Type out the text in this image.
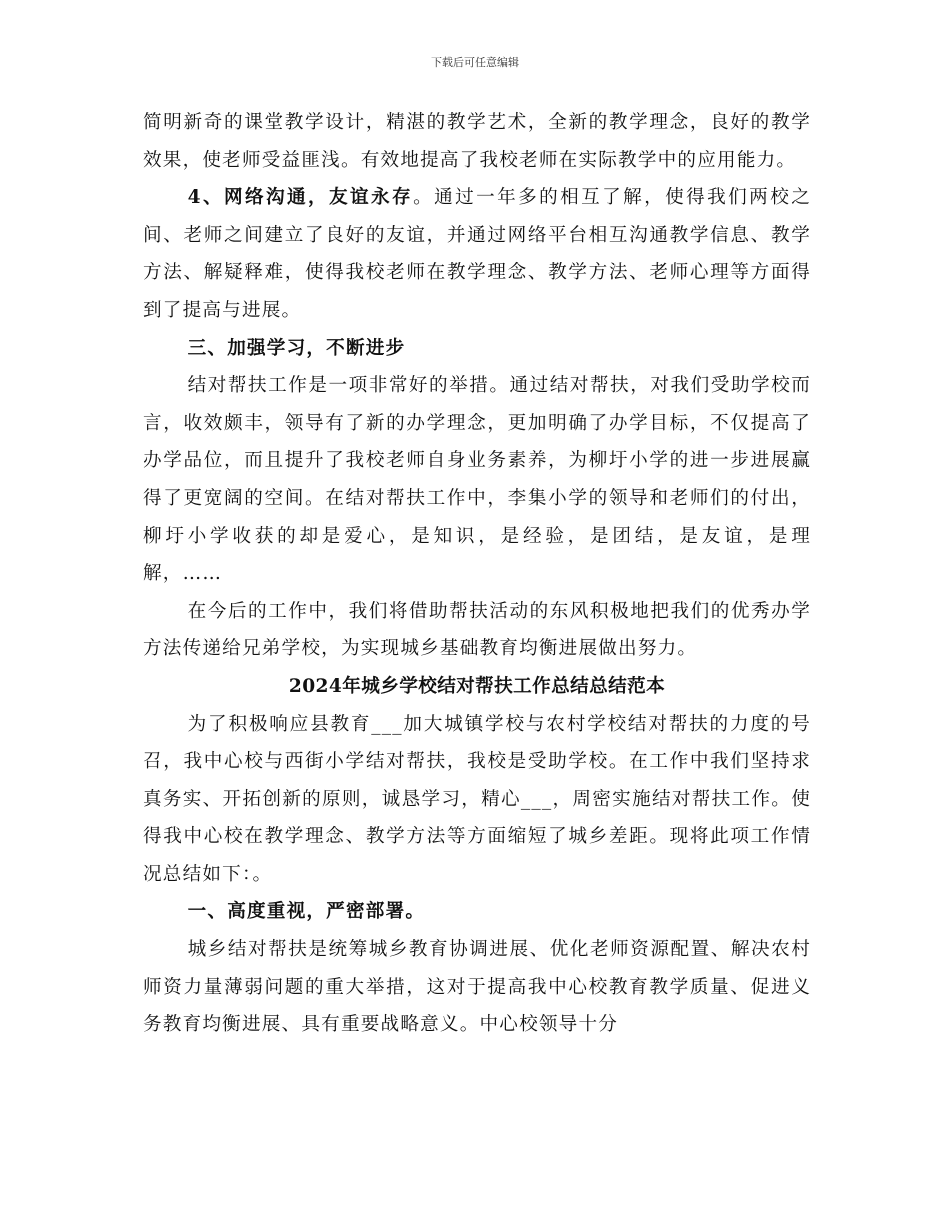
下载后可任意编辑

简明新奇的课堂教学设计，精湛的教学艺术，全新的教学理念，良好的教学效果，使老师受益匪浅。有效地提高了我校老师在实际教学中的应用能力。

4、网络沟通，友谊永存。通过一年多的相互了解，使得我们两校之间、老师之间建立了良好的友谊，并通过网络平台相互沟通教学信息、教学方法、解疑释难，使得我校老师在教学理念、教学方法、老师心理等方面得到了提高与进展。

三、加强学习，不断进步

结对帮扶工作是一项非常好的举措。通过结对帮扶，对我们受助学校而言，收效颇丰，领导有了新的办学理念，更加明确了办学目标，不仅提高了办学品位，而且提升了我校老师自身业务素养，为柳圩小学的进一步进展赢得了更宽阔的空间。在结对帮扶工作中，李集小学的领导和老师们的付出，柳圩小学收获的却是爱心，是知识，是经验，是团结，是友谊，是理解，……

在今后的工作中，我们将借助帮扶活动的东风积极地把我们的优秀办学方法传递给兄弟学校，为实现城乡基础教育均衡进展做出努力。

2024年城乡学校结对帮扶工作总结总结范本

为了积极响应县教育___加大城镇学校与农村学校结对帮扶的力度的号召，我中心校与西街小学结对帮扶，我校是受助学校。在工作中我们坚持求真务实、开拓创新的原则，诚恳学习，精心___，周密实施结对帮扶工作。使得我中心校在教学理念、教学方法等方面缩短了城乡差距。现将此项工作情况总结如下：。

一、高度重视，严密部署。

城乡结对帮扶是统筹城乡教育协调进展、优化老师资源配置、解决农村师资力量薄弱问题的重大举措，这对于提高我中心校教育教学质量、促进义务教育均衡进展、具有重要战略意义。中心校领导十分
